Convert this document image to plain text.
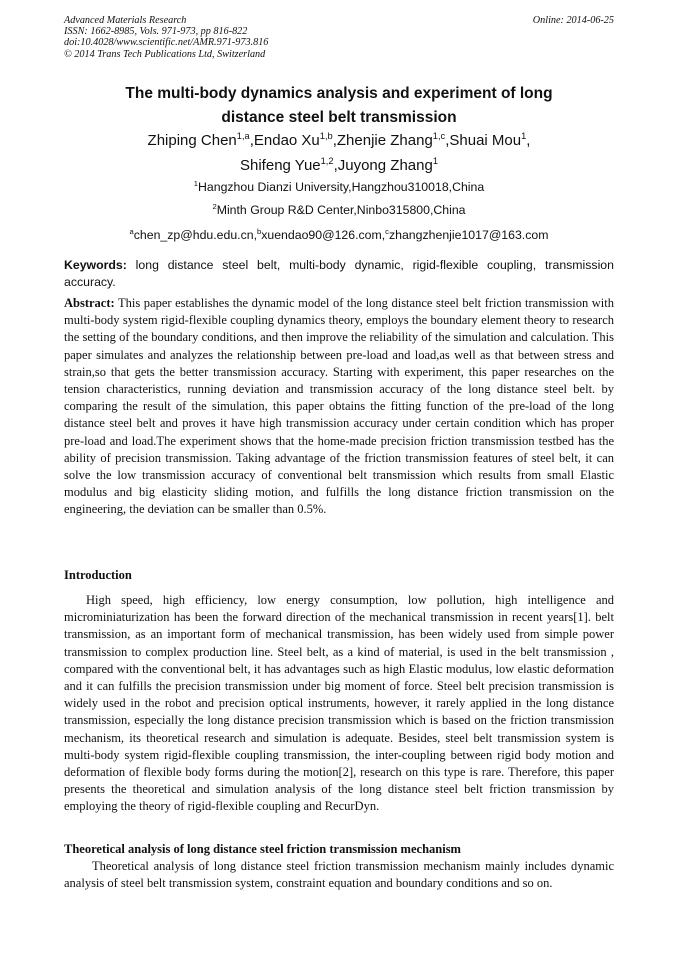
Advanced Materials Research
ISSN: 1662-8985, Vols. 971-973, pp 816-822
doi:10.4028/www.scientific.net/AMR.971-973.816
© 2014 Trans Tech Publications Ltd, Switzerland
Online: 2014-06-25
The multi-body dynamics analysis and experiment of long
distance steel belt transmission
Zhiping Chen$^{1,a}$,Endao Xu$^{1,b}$,Zhenjie Zhang$^{1,c}$,Shuai Mou$^1$,
Shifeng Yue$^{1,2}$,Juyong Zhang$^1$
$^1$Hangzhou Dianzi University,Hangzhou310018,China
$^2$Minth Group R&D Center,Ninbo315800,China
$^a$chen_zp@hdu.edu.cn,$^b$xuendao90@126.com,$^c$zhangzhenjie1017@163.com
Keywords: long distance steel belt, multi-body dynamic, rigid-flexible coupling, transmission accuracy.
Abstract: This paper establishes the dynamic model of the long distance steel belt friction transmission with multi-body system rigid-flexible coupling dynamics theory, employs the boundary element theory to research the setting of the boundary conditions, and then improve the reliability of the simulation and calculation. This paper simulates and analyzes the relationship between pre-load and load,as well as that between stress and strain,so that gets the better transmission accuracy. Starting with experiment, this paper researches on the tension characteristics, running deviation and transmission accuracy of the long distance steel belt. by comparing the result of the simulation, this paper obtains the fitting function of the pre-load of the long distance steel belt and proves it have high transmission accuracy under certain condition which has proper pre-load and load.The experiment shows that the home-made precision friction transmission testbed has the ability of precision transmission. Taking advantage of the friction transmission features of steel belt, it can solve the low transmission accuracy of conventional belt transmission which results from small Elastic modulus and big elasticity sliding motion, and fulfills the long distance friction transmission on the engineering, the deviation can be smaller than 0.5%.
Introduction
High speed, high efficiency, low energy consumption, low pollution, high intelligence and microminiaturization has been the forward direction of the mechanical transmission in recent years[1]. belt transmission, as an important form of mechanical transmission, has been widely used from simple power transmission to complex production line. Steel belt, as a kind of material, is used in the belt transmission , compared with the conventional belt, it has advantages such as high Elastic modulus, low elastic deformation and it can fulfills the precision transmission under big moment of force. Steel belt precision transmission is widely used in the robot and precision optical instruments, however, it rarely applied in the long distance transmission, especially the long distance precision transmission which is based on the friction transmission mechanism, its theoretical research and simulation is adequate. Besides, steel belt transmission system is multi-body system rigid-flexible coupling transmission, the inter-coupling between rigid body motion and deformation of flexible body forms during the motion[2], research on this type is rare. Therefore, this paper presents the theoretical and simulation analysis of the long distance steel belt friction transmission by employing the theory of rigid-flexible coupling and RecurDyn.
Theoretical analysis of long distance steel friction transmission mechanism
Theoretical analysis of long distance steel friction transmission mechanism mainly includes dynamic analysis of steel belt transmission system, constraint equation and boundary conditions and so on.
